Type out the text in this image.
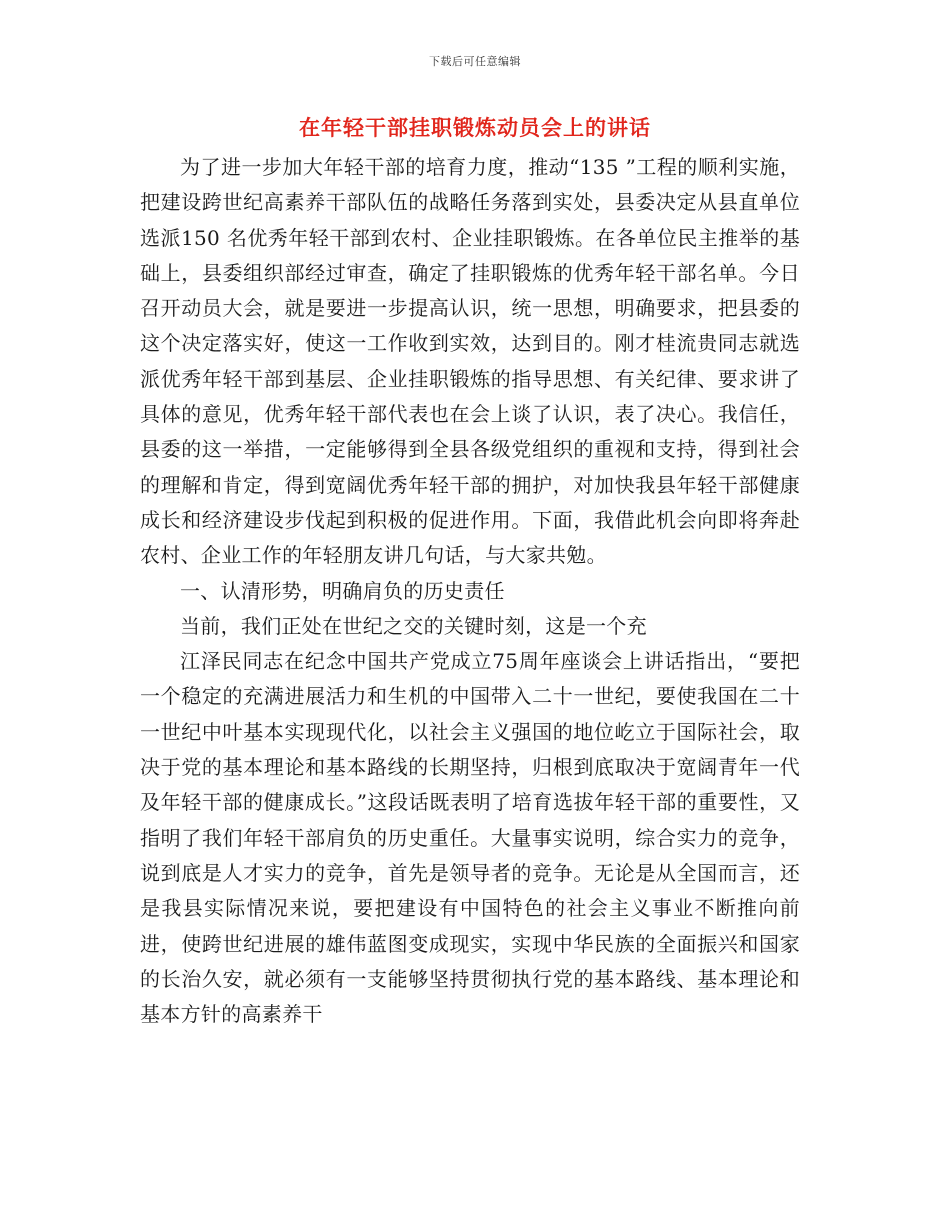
下载后可任意编辑
在年轻干部挂职锻炼动员会上的讲话

为了进一步加大年轻干部的培育力度，推动“135 ”工程的顺利实施，把建设跨世纪高素养干部队伍的战略任务落到实处，县委决定从县直单位选派150 名优秀年轻干部到农村、企业挂职锻炼。在各单位民主推举的基础上，县委组织部经过审查，确定了挂职锻炼的优秀年轻干部名单。今日召开动员大会，就是要进一步提高认识，统一思想，明确要求，把县委的这个决定落实好，使这一工作收到实效，达到目的。刚才桂流贵同志就选派优秀年轻干部到基层、企业挂职锻炼的指导思想、有关纪律、要求讲了具体的意见，优秀年轻干部代表也在会上谈了认识，表了决心。我信任，县委的这一举措，一定能够得到全县各级党组织的重视和支持，得到社会的理解和肯定，得到宽阔优秀年轻干部的拥护，对加快我县年轻干部健康成长和经济建设步伐起到积极的促进作用。下面，我借此机会向即将奔赴农村、企业工作的年轻朋友讲几句话，与大家共勉。

一、认清形势，明确肩负的历史责任

当前，我们正处在世纪之交的关键时刻，这是一个充

江泽民同志在纪念中国共产党成立75周年座谈会上讲话指出，“要把一个稳定的充满进展活力和生机的中国带入二十一世纪，要使我国在二十一世纪中叶基本实现现代化，以社会主义强国的地位屹立于国际社会，取决于党的基本理论和基本路线的长期坚持，归根到底取决于宽阔青年一代及年轻干部的健康成长。”这段话既表明了培育选拔年轻干部的重要性，又指明了我们年轻干部肩负的历史重任。大量事实说明，综合实力的竞争，说到底是人才实力的竞争，首先是领导者的竞争。无论是从全国而言，还是我县实际情况来说，要把建设有中国特色的社会主义事业不断推向前进，使跨世纪进展的雄伟蓝图变成现实，实现中华民族的全面振兴和国家的长治久安，就必须有一支能够坚持贯彻执行党的基本路线、基本理论和基本方针的高素养干
